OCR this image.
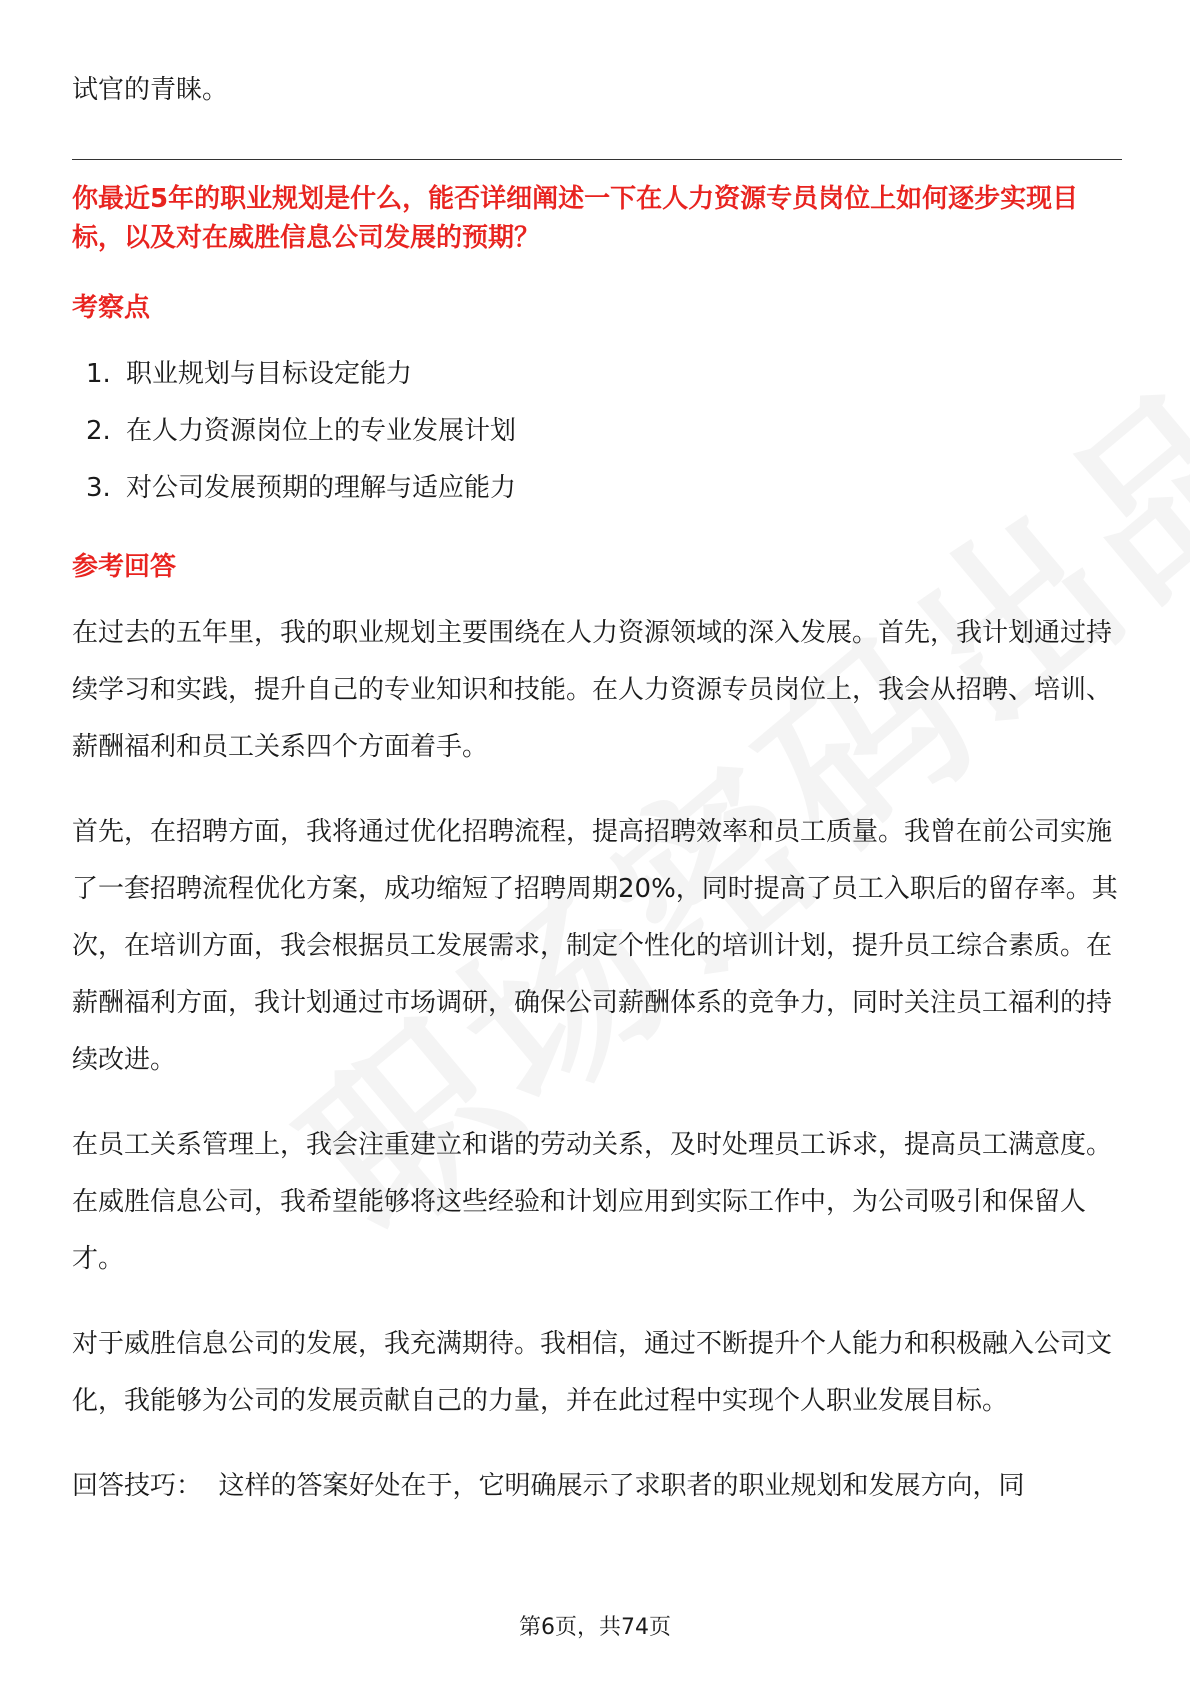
试官的青睐。

你最近5年的职业规划是什么，能否详细阐述一下在人力资源专员岗位上如何逐步实现目标，以及对在威胜信息公司发展的预期？

考察点
1. 职业规划与目标设定能力
2. 在人力资源岗位上的专业发展计划
3. 对公司发展预期的理解与适应能力
参考回答

在过去的五年里，我的职业规划主要围绕在人力资源领域的深入发展。首先，我计划通过持续学习和实践，提升自己的专业知识和技能。在人力资源专员岗位上，我会从招聘、培训、薪酬福利和员工关系四个方面着手。

首先，在招聘方面，我将通过优化招聘流程，提高招聘效率和员工质量。我曾在前公司实施了一套招聘流程优化方案，成功缩短了招聘周期20%，同时提高了员工入职后的留存率。其次，在培训方面，我会根据员工发展需求，制定个性化的培训计划，提升员工综合素质。在薪酬福利方面，我计划通过市场调研，确保公司薪酬体系的竞争力，同时关注员工福利的持续改进。

在员工关系管理上，我会注重建立和谐的劳动关系，及时处理员工诉求，提高员工满意度。在威胜信息公司，我希望能够将这些经验和计划应用到实际工作中，为公司吸引和保留人才。

对于威胜信息公司的发展，我充满期待。我相信，通过不断提升个人能力和积极融入公司文化，我能够为公司的发展贡献自己的力量，并在此过程中实现个人职业发展目标。

回答技巧：  这样的答案好处在于，它明确展示了求职者的职业规划和发展方向，同

第6页，共74页
